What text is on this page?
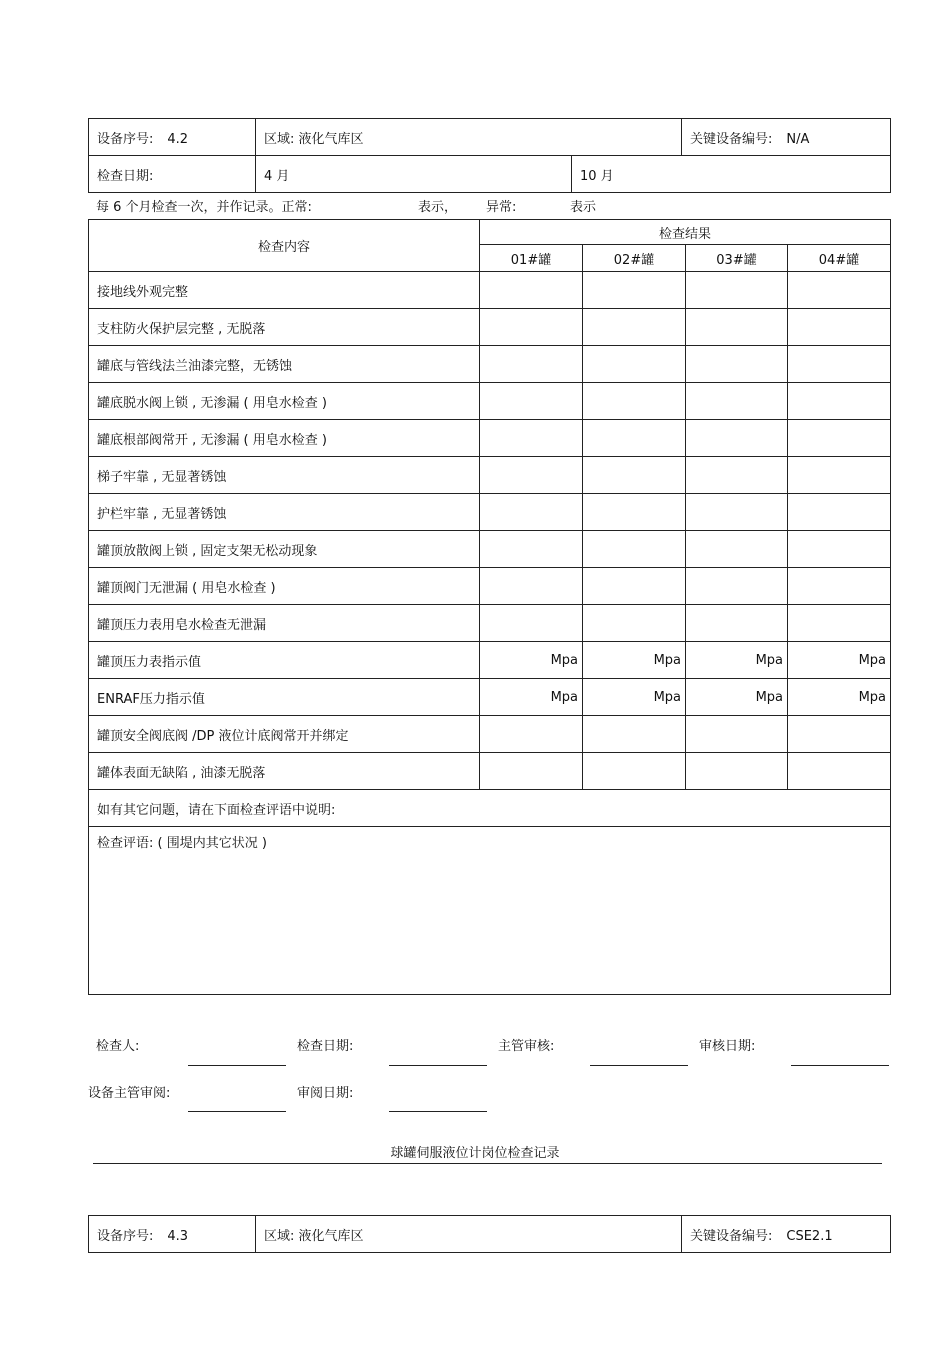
设备序号: 4.2	区域: 液化气库区		关键设备编号: N/A
检查日期:	4 月	10 月	
每 6 个月检查一次，并作记录。正常:	表示， 异常:	表示
检查内容	检查结果			
	01#罐	02#罐	03#罐	04#罐
接地线外观完整				
支柱防火保护层完整 , 无脱落				
罐底与管线法兰油漆完整，无锈蚀				
罐底脱水阀上锁 , 无渗漏 ( 用皂水检查 )				
罐底根部阀常开 , 无渗漏 ( 用皂水检查 )				
梯子牢靠 , 无显著锈蚀				
护栏牢靠 , 无显著锈蚀				
罐顶放散阀上锁 , 固定支架无松动现象				
罐顶阀门无泄漏 ( 用皂水检查 )				
罐顶压力表用皂水检查无泄漏				
罐顶压力表指示值	Mpa	Mpa	Mpa	Mpa
ENRAF压力指示值	Mpa	Mpa	Mpa	Mpa
罐顶安全阀底阀 /DP 液位计底阀常开并绑定				
罐体表面无缺陷 , 油漆无脱落				
如有其它问题，请在下面检查评语中说明:				
检查评语: ( 围堤内其它状况 )				
检查人:	检查日期:	主管审核:	审核日期:
设备主管审阅:	审阅日期:
球罐伺服液位计岗位检查记录
设备序号: 4.3	区域: 液化气库区	关键设备编号: CSE2.1
